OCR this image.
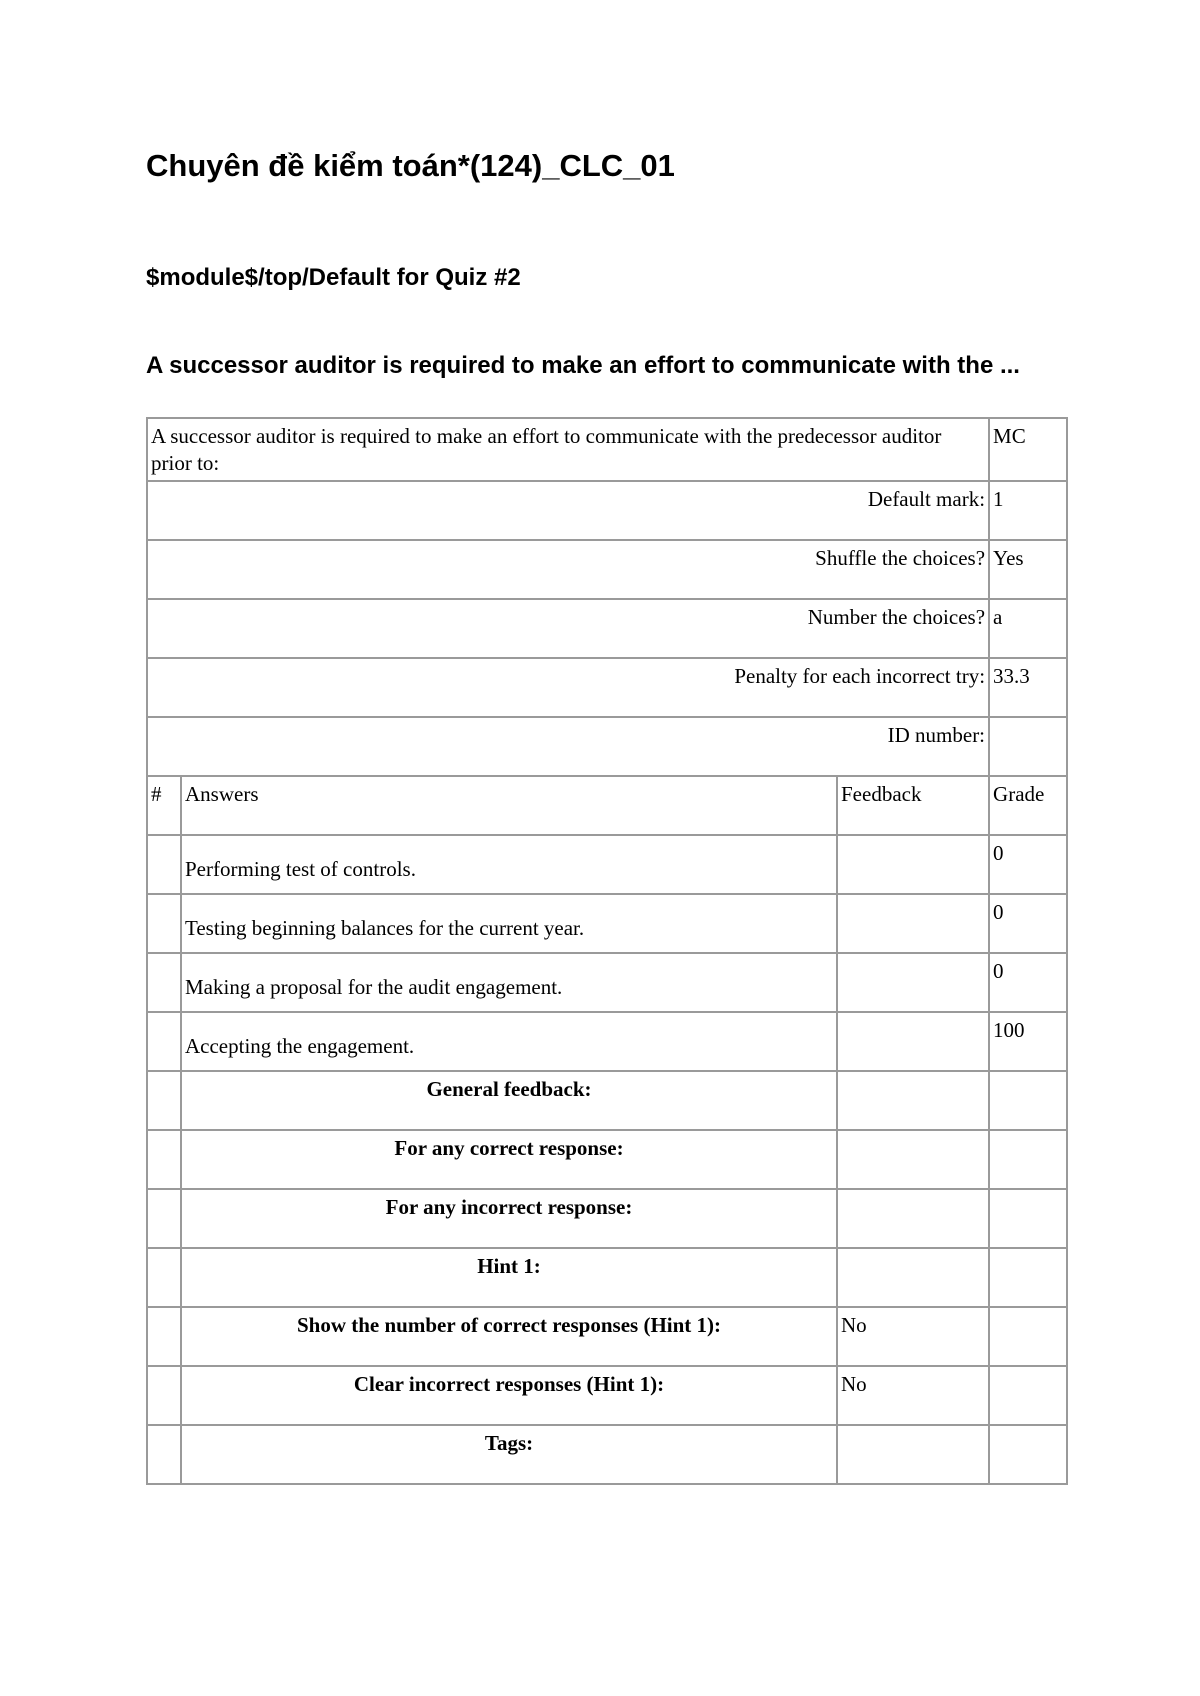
Chuyên đề kiểm toán*(124)_CLC_01
$module$/top/Default for Quiz #2
A successor auditor is required to make an effort to communicate with the ...
A successor auditor is required to make an effort to communicate with the predecessor auditor prior to:			MC
Default mark:			1
Shuffle the choices?			Yes
Number the choices?			a
Penalty for each incorrect try:			33.3
ID number:			
#	Answers	Feedback	Grade
	Performing test of controls.		0
	Testing beginning balances for the current year.		0
	Making a proposal for the audit engagement.		0
	Accepting the engagement.		100
	General feedback:		
	For any correct response:		
	For any incorrect response:		
	Hint 1:		
	Show the number of correct responses (Hint 1):	No	
	Clear incorrect responses (Hint 1):	No	
	Tags:		
